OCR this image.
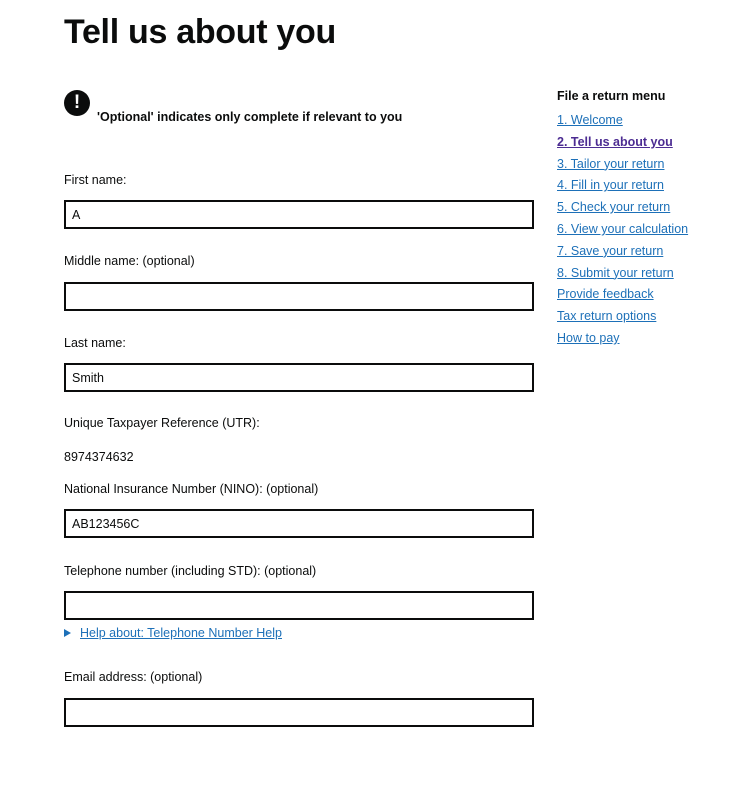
Tell us about you
!
'Optional' indicates only complete if relevant to you
First name:
A
Middle name: (optional)
Last name:
Smith
Unique Taxpayer Reference (UTR):
8974374632
National Insurance Number (NINO): (optional)
AB123456C
Telephone number (including STD): (optional)
Help about: Telephone Number Help
Email address: (optional)
File a return menu
1. Welcome
2. Tell us about you
3. Tailor your return
4. Fill in your return
5. Check your return
6. View your calculation
7. Save your return
8. Submit your return
Provide feedback
Tax return options
How to pay
